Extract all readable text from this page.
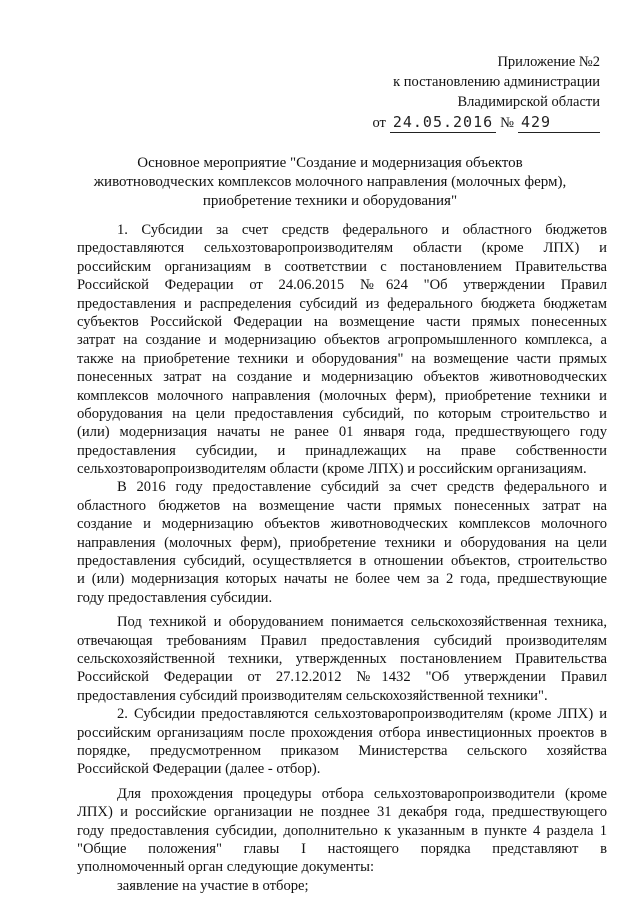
Приложение №2
к постановлению администрации
Владимирской области
от 24.05.2016 № 429
Основное мероприятие "Создание и модернизация объектов
животноводческих комплексов молочного направления (молочных ферм),
приобретение техники и оборудования"
1. Субсидии за счет средств федерального и областного бюджетов
предоставляются сельхозтоваропроизводителям области (кроме ЛПХ) и
российским организациям в соответствии с постановлением Правительства
Российской Федерации от 24.06.2015 №624 "Об утверждении Правил
предоставления и распределения субсидий из федерального бюджета бюджетам
субъектов Российской Федерации на возмещение части прямых понесенных
затрат на создание и модернизацию объектов агропромышленного комплекса, а
также на приобретение техники и оборудования" на возмещение части прямых
понесенных затрат на создание и модернизацию объектов животноводческих
комплексов молочного направления (молочных ферм), приобретение техники и
оборудования на цели предоставления субсидий, по которым строительство и
(или) модернизация начаты не ранее 01 января года, предшествующего году
предоставления субсидии, и принадлежащих на праве собственности
сельхозтоваропроизводителям области (кроме ЛПХ) и российским организациям.
В 2016 году предоставление субсидий за счет средств федерального и
областного бюджетов на возмещение части прямых понесенных затрат на
создание и модернизацию объектов животноводческих комплексов молочного
направления (молочных ферм), приобретение техники и оборудования на цели
предоставления субсидий, осуществляется в отношении объектов, строительство
и (или) модернизация которых начаты не более чем за 2 года, предшествующие
году предоставления субсидии.
Под техникой и оборудованием понимается сельскохозяйственная техника,
отвечающая требованиям Правил предоставления субсидий производителям
сельскохозяйственной техники, утвержденных постановлением Правительства
Российской Федерации от 27.12.2012 №1432 "Об утверждении Правил
предоставления субсидий производителям сельскохозяйственной техники".
2. Субсидии предоставляются сельхозтоваропроизводителям (кроме ЛПХ) и
российским организациям после прохождения отбора инвестиционных проектов в
порядке, предусмотренном приказом Министерства сельского хозяйства
Российской Федерации (далее - отбор).
Для прохождения процедуры отбора сельхозтоваропроизводители (кроме
ЛПХ) и российские организации не позднее 31 декабря года, предшествующего
году предоставления субсидии, дополнительно к указанным в пункте 4 раздела 1
"Общие положения" главы I настоящего порядка представляют в
уполномоченный орган следующие документы:
заявление на участие в отборе;
